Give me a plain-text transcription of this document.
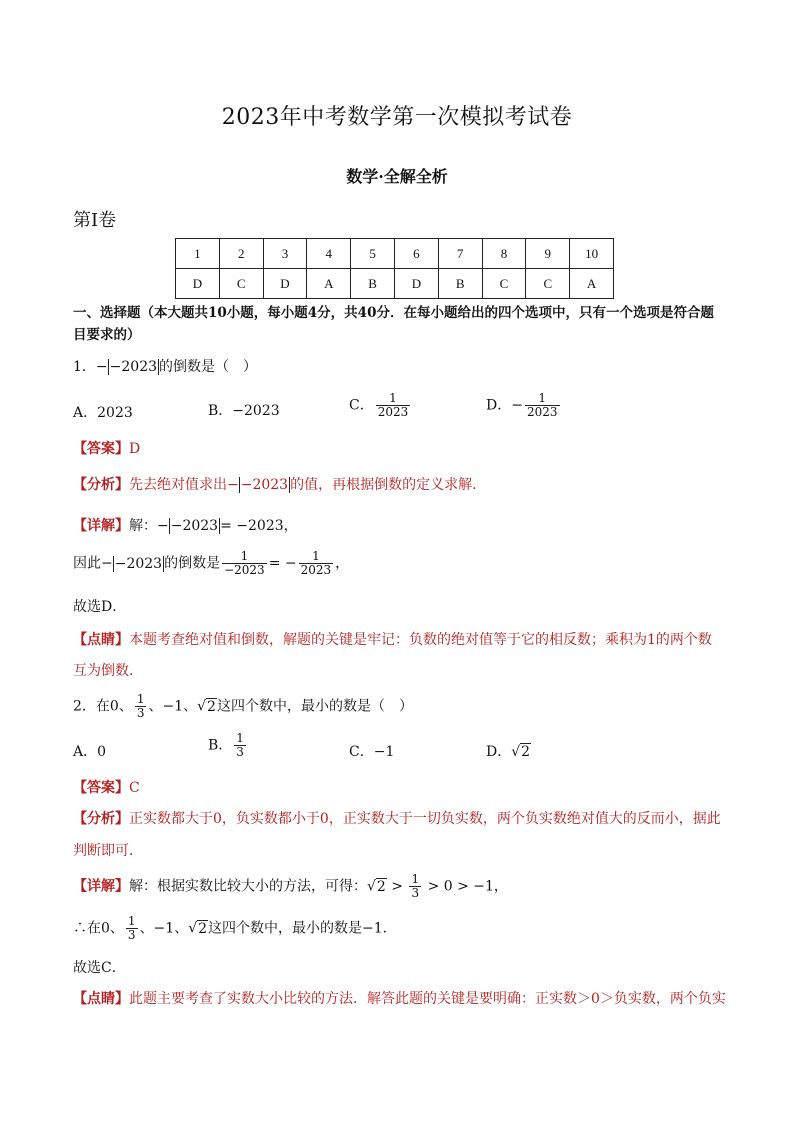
2023年中考数学第一次模拟考试卷
数学·全解全析
第Ⅰ卷
1	2	3	4	5	6	7	8	9	10
D	C	D	A	B	D	B	C	C	A
一、选择题（本大题共10小题，每小题4分，共40分．在每小题给出的四个选项中，只有一个选项是符合题目要求的）
1．− −2023 的倒数是（　）
A．2023	B．−2023	C． $\frac{1}{2023}$	D．− $\frac{1}{2023}$
【答案】D
【分析】先去绝对值求出− −2023 的值，再根据倒数的定义求解．
【详解】解：− −2023 = −2023，
因此− −2023 的倒数是 $\frac{1}{-2023}$ = − $\frac{1}{2023}$ ，
故选D．
【点睛】本题考查绝对值和倒数，解题的关键是牢记：负数的绝对值等于它的相反数；乘积为1的两个数
互为倒数．
2．在0、 $\frac{1}{3}$ 、−1、√2这四个数中，最小的数是（　）
A．0	B． $\frac{1}{3}$	C．−1	D．√2
【答案】C
【分析】正实数都大于0，负实数都小于0，正实数大于一切负实数，两个负实数绝对值大的反而小，据此
判断即可．
【详解】解：根据实数比较大小的方法，可得：$√2 > \frac{1}{3} > 0 > -1$，
∴在0、 $\frac{1}{3}$ 、−1、√2这四个数中，最小的数是−1．
故选C．
【点睛】此题主要考查了实数大小比较的方法．解答此题的关键是要明确：正实数＞0＞负实数，两个负实
